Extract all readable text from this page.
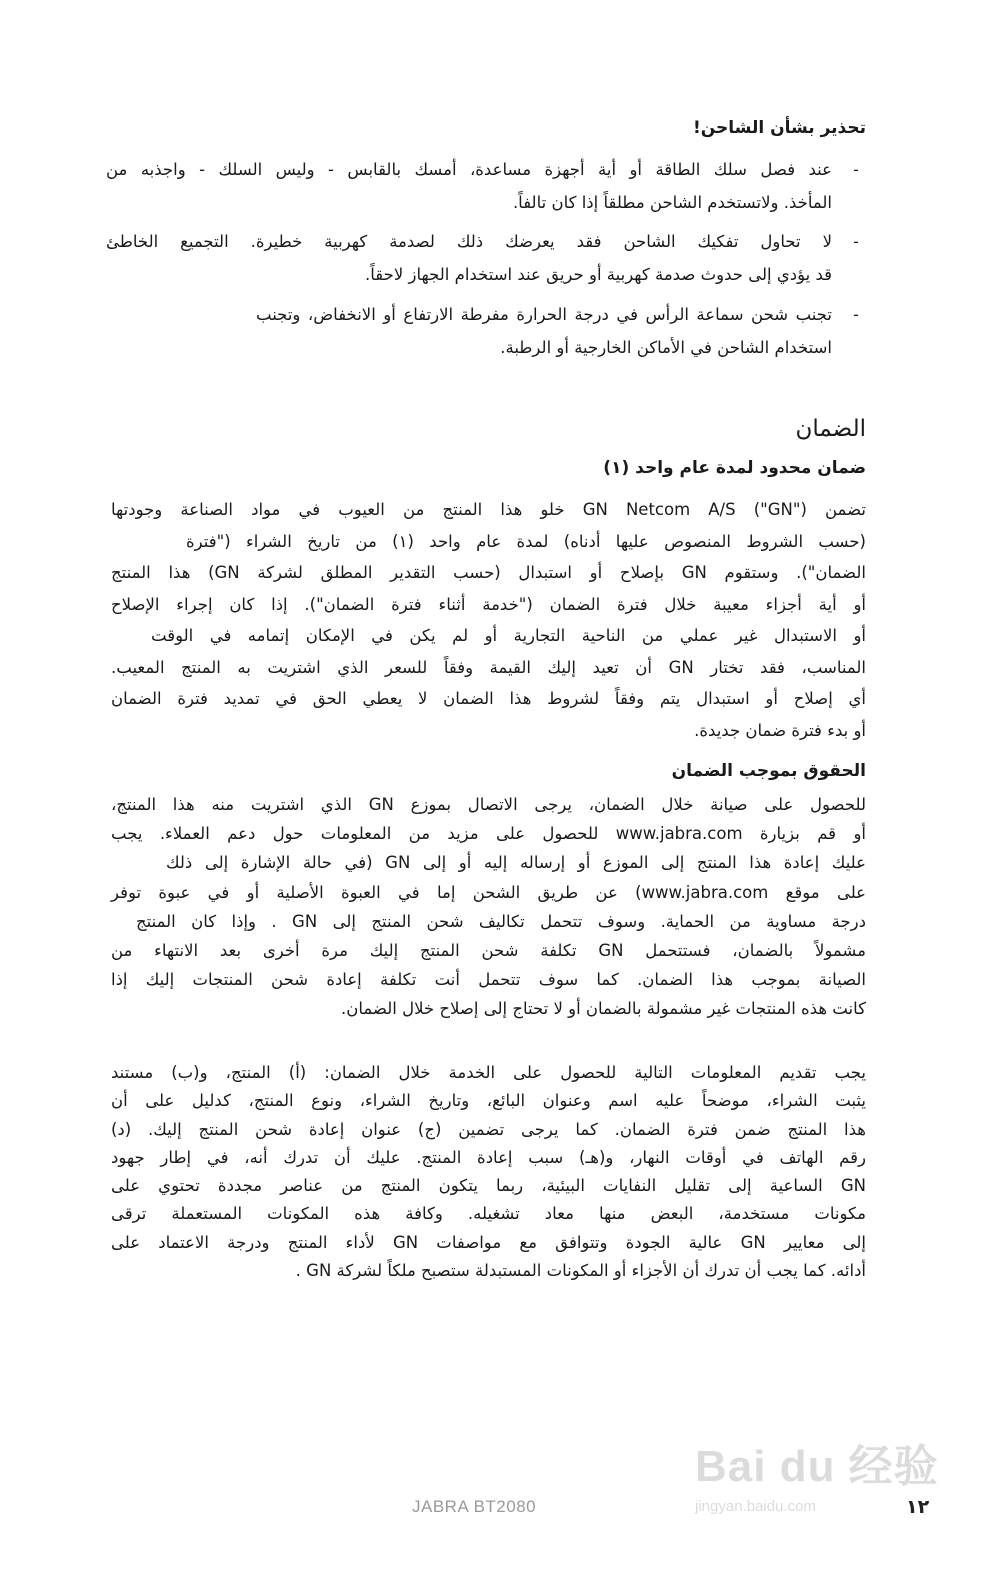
تحذير بشأن الشاحن!
-
عند فصل سلك الطاقة أو أية أجهزة مساعدة، أمسك بالقابس - وليس السلك - واجذبه من
المأخذ. ولاتستخدم الشاحن مطلقاً إذا كان تالفاً.
-
لا تحاول تفكيك الشاحن فقد يعرضك ذلك لصدمة كهربية خطيرة. التجميع الخاطئ
قد يؤدي إلى حدوث صدمة كهربية أو حريق عند استخدام الجهاز لاحقاً.
-
تجنب شحن سماعة الرأس في درجة الحرارة مفرطة الارتفاع أو الانخفاض، وتجنب
استخدام الشاحن في الأماكن الخارجية أو الرطبة.
الضمان
ضمان محدود لمدة عام واحد (١)
تضمن GN Netcom A/S ("GN") خلو هذا المنتج من العيوب في مواد الصناعة وجودتها
(حسب الشروط المنصوص عليها أدناه) لمدة عام واحد (١) من تاريخ الشراء ("فترة
الضمان"). وستقوم GN بإصلاح أو استبدال (حسب التقدير المطلق لشركة GN) هذا المنتج
أو أية أجزاء معيبة خلال فترة الضمان ("خدمة أثناء فترة الضمان"). إذا كان إجراء الإصلاح
أو الاستبدال غير عملي من الناحية التجارية أو لم يكن في الإمكان إتمامه في الوقت
المناسب، فقد تختار GN أن تعيد إليك القيمة وفقاً للسعر الذي اشتريت به المنتج المعيب.
أي إصلاح أو استبدال يتم وفقاً لشروط هذا الضمان لا يعطي الحق في تمديد فترة الضمان
أو بدء فترة ضمان جديدة.
الحقوق بموجب الضمان
للحصول على صيانة خلال الضمان، يرجى الاتصال بموزع GN الذي اشتريت منه هذا المنتج،
أو قم بزيارة www.jabra.com للحصول على مزيد من المعلومات حول دعم العملاء. يجب
عليك إعادة هذا المنتج إلى الموزع أو إرساله إليه أو إلى GN (في حالة الإشارة إلى ذلك
على موقع www.jabra.com) عن طريق الشحن إما في العبوة الأصلية أو في عبوة توفر
درجة مساوية من الحماية. وسوف تتحمل تكاليف شحن المنتج إلى GN . وإذا كان المنتج
مشمولاً بالضمان، فستتحمل GN تكلفة شحن المنتج إليك مرة أخرى بعد الانتهاء من
الصيانة بموجب هذا الضمان. كما سوف تتحمل أنت تكلفة إعادة شحن المنتجات إليك إذا
كانت هذه المنتجات غير مشمولة بالضمان أو لا تحتاج إلى إصلاح خلال الضمان.
يجب تقديم المعلومات التالية للحصول على الخدمة خلال الضمان: (أ) المنتج، و(ب) مستند
يثبت الشراء، موضحاً عليه اسم وعنوان البائع، وتاريخ الشراء، ونوع المنتج، كدليل على أن
هذا المنتج ضمن فترة الضمان. كما يرجى تضمين (ج) عنوان إعادة شحن المنتج إليك. (د)
رقم الهاتف في أوقات النهار، و(هـ) سبب إعادة المنتج. عليك أن تدرك أنه، في إطار جهود
GN الساعية إلى تقليل النفايات البيئية، ربما يتكون المنتج من عناصر مجددة تحتوي على
مكونات مستخدمة، البعض منها معاد تشغيله. وكافة هذه المكونات المستعملة ترقى
إلى معايير GN عالية الجودة وتتوافق مع مواصفات GN لأداء المنتج ودرجة الاعتماد على
أدائه. كما يجب أن تدرك أن الأجزاء أو المكونات المستبدلة ستصبح ملكاً لشركة GN .
JABRA BT2080	١٢
Bai du 经验
jingyan.baidu.com
